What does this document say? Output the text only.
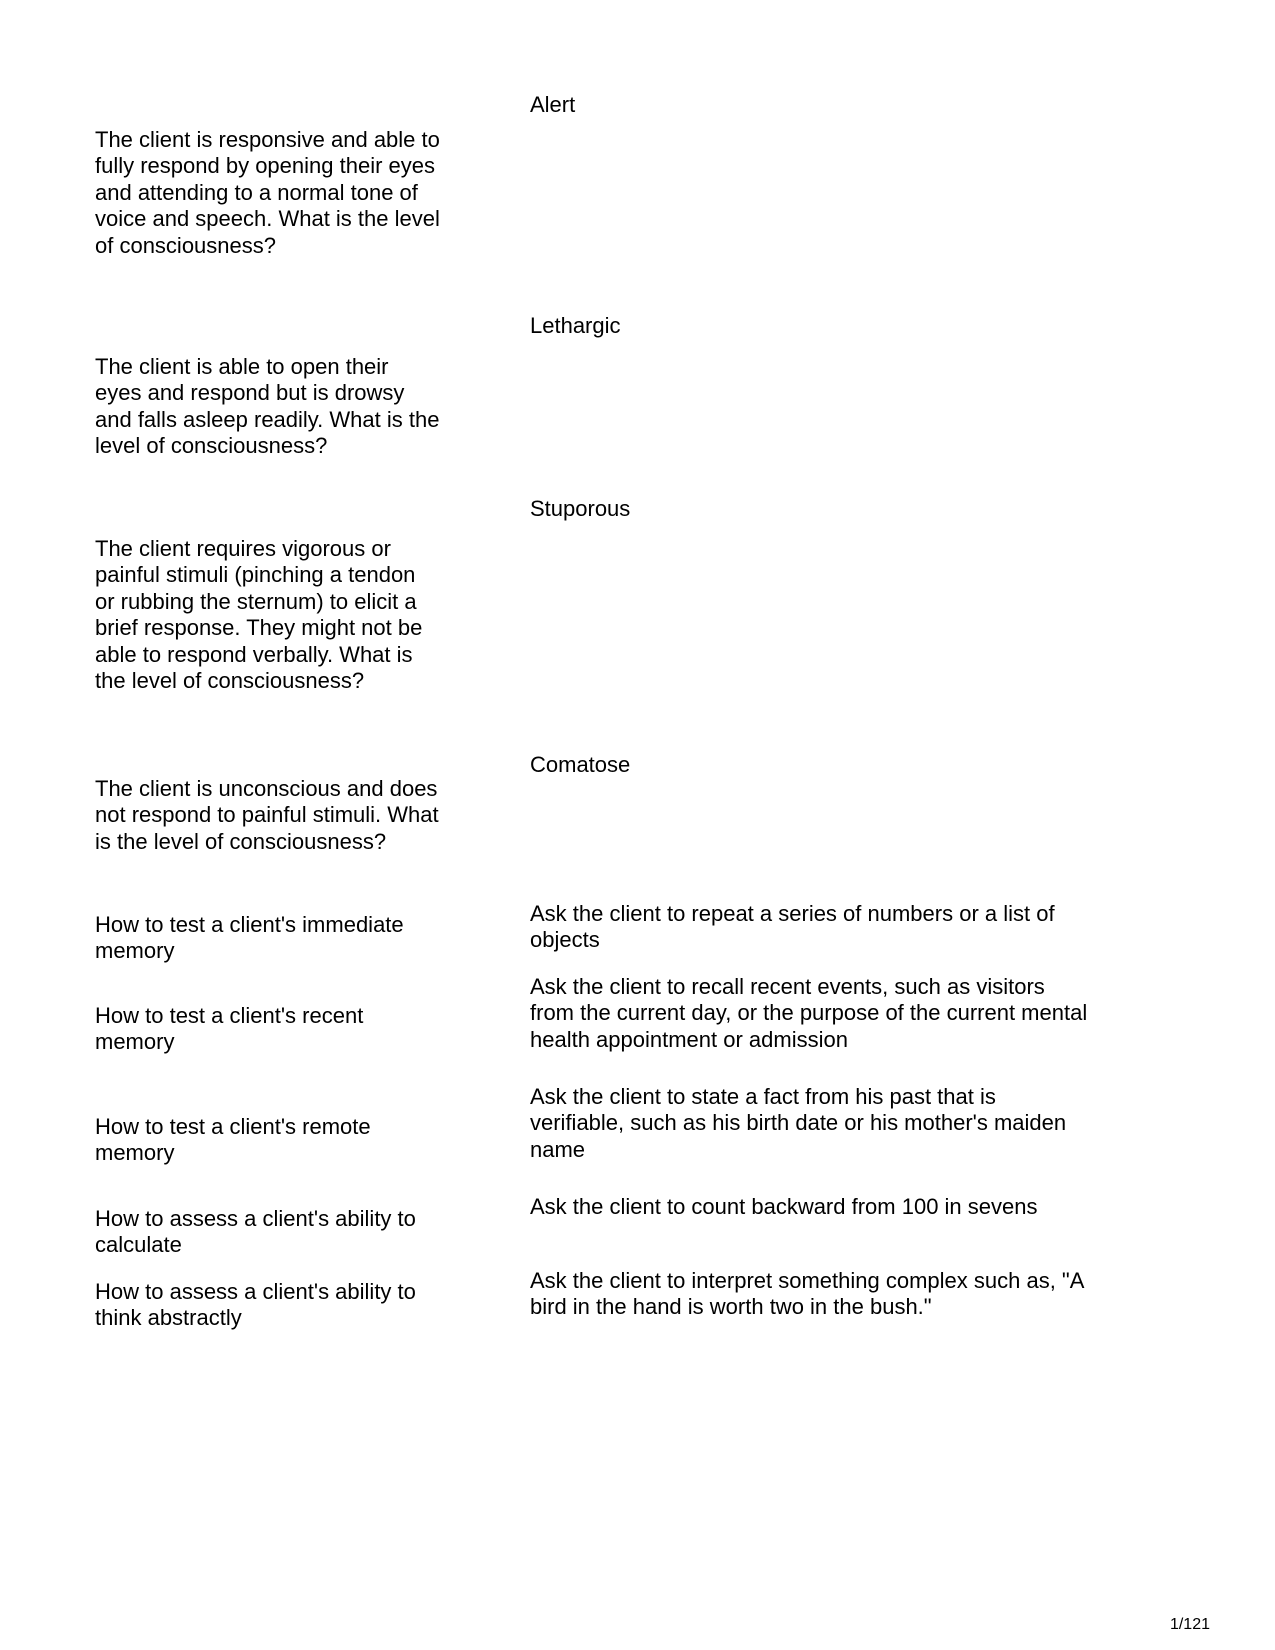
Alert

The client is responsive and able to fully respond by opening their eyes and attending to a normal tone of voice and speech. What is the level of consciousness?

Lethargic

The client is able to open their eyes and respond but is drowsy and falls asleep readily. What is the level of consciousness?

Stuporous

The client requires vigorous or painful stimuli (pinching a tendon or rubbing the sternum) to elicit a brief response. They might not be able to respond verbally. What is the level of consciousness?

Comatose

The client is unconscious and does not respond to painful stimuli. What is the level of consciousness?

Ask the client to repeat a series of numbers or a list of objects

How to test a client's immediate memory

Ask the client to recall recent events, such as visitors from the current day, or the purpose of the current mental health appointment or admission

How to test a client's recent memory

Ask the client to state a fact from his past that is verifiable, such as his birth date or his mother's maiden name

How to test a client's remote memory

Ask the client to count backward from 100 in sevens

How to assess a client's ability to calculate

Ask the client to interpret something complex such as, "A bird in the hand is worth two in the bush."

How to assess a client's ability to think abstractly

1/121
